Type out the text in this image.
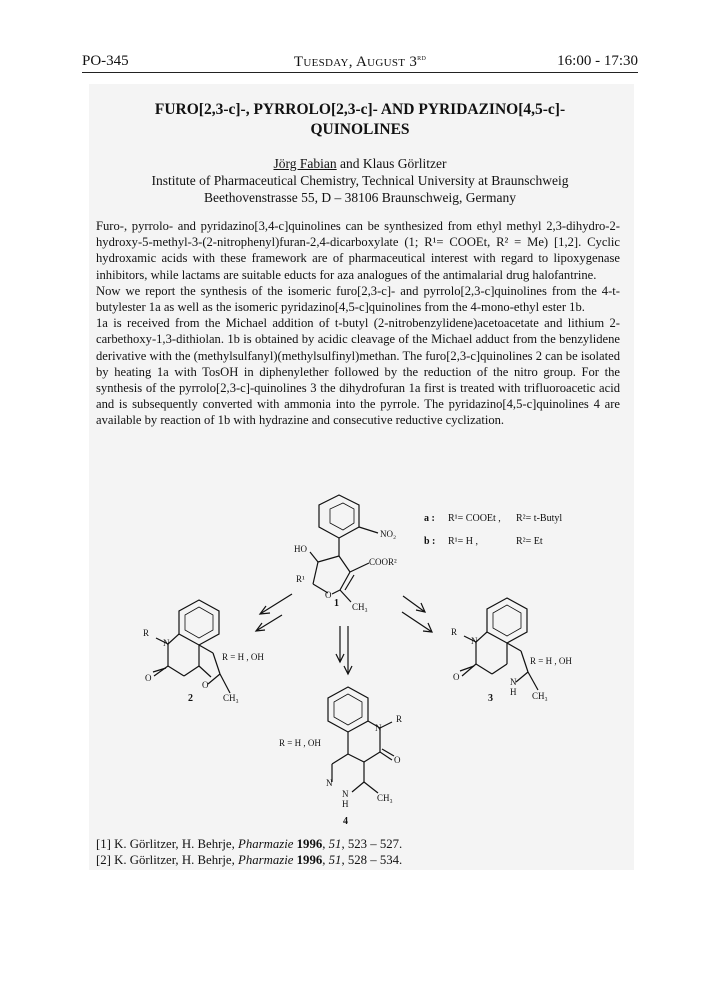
PO-345	Tuesday, August 3rd	16:00 - 17:30
FURO[2,3-c]-, PYRROLO[2,3-c]- AND PYRIDAZINO[4,5-c]-
QUINOLINES
Jörg Fabian and Klaus Görlitzer
Institute of Pharmaceutical Chemistry, Technical University at Braunschweig
Beethovenstrasse 55, D – 38106 Braunschweig, Germany

Furo-, pyrrolo- and pyridazino[3,4-c]quinolines can be synthesized from ethyl methyl 2,3-dihydro-2-hydroxy-5-methyl-3-(2-nitrophenyl)furan-2,4-dicarboxylate (1; R¹= COOEt, R² = Me) [1,2]. Cyclic hydroxamic acids with these framework are of pharmaceutical interest with regard to lipoxygenase inhibitors, while lactams are suitable educts for aza analogues of the antimalarial drug halofantrine.

Now we report the synthesis of the isomeric furo[2,3-c]- and pyrrolo[2,3-c]quinolines from the 4-t-butylester 1a as well as the isomeric pyridazino[4,5-c]quinolines from the 4-mono-ethyl ester 1b.

1a is received from the Michael addition of t-butyl (2-nitrobenzylidene)acetoacetate and lithium 2-carbethoxy-1,3-dithiolan. 1b is obtained by acidic cleavage of the Michael adduct from the benzylidene derivative with the (methylsulfanyl)(methylsulfinyl)methan. The furo[2,3-c]quinolines 2 can be isolated by heating 1a with TosOH in diphenylether followed by the reduction of the nitro group. For the synthesis of the pyrrolo[2,3-c]-quinolines 3 the dihydrofuran 1a first is treated with trifluoroacetic acid and is subsequently converted with ammonia into the pyrrole. The pyridazino[4,5-c]quinolines 4 are available by reaction of 1b with hydrazine and consecutive reductive cyclization.

a : R¹= COOEt , R²= t-Butyl
b : R¹= H ,	R²= Et
NO₂
HO
COOR²
R¹
O
CH₃
1
R
N
O
O
CH₃
R = H , OH
2
R
N
O	N
H CH₃
R = H , OH
3
R
N
O
N
N
H
CH₃
R = H , OH
4
[1] K. Görlitzer, H. Behrje, Pharmazie 1996, 51, 523 – 527.
[2] K. Görlitzer, H. Behrje, Pharmazie 1996, 51, 528 – 534.
